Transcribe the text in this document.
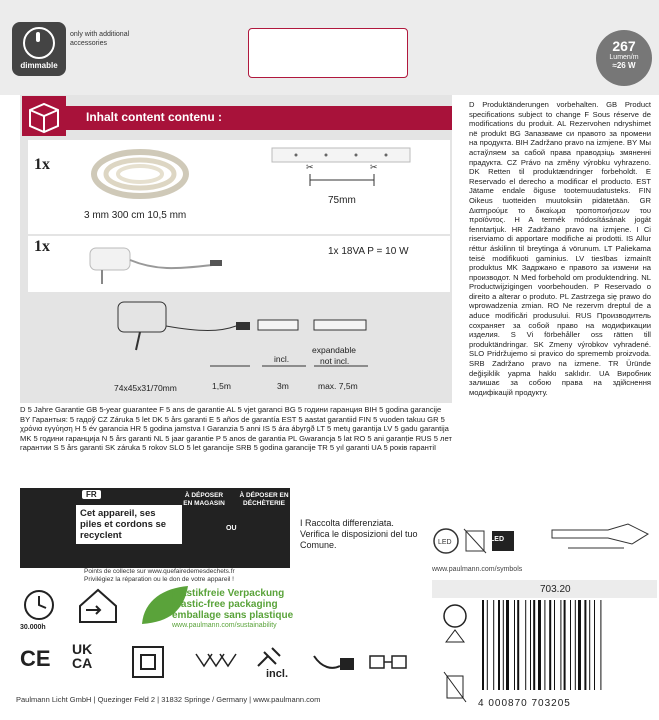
dimmable
only with additional accessories	267
Lumen/m
≈26 W
Inhalt content contenu :
1x
3 mm 300 cm 10,5 mm
✂	✂
75mm
1x	1x 18VA P = 10 W
74x45x31/70mm	1,5m
incl.
3m
expandable
not incl.
max. 7,5m
D Produktänderungen vorbehalten. GB Product specifications subject to change F Sous réserve de modifications du produit. AL Rezervohen ndryshimet në produkt BG Запазваме си правото за промени на продукта. BIH Zadržano pravo na izmjene. BY Мы астаўляем за сабой права праводзіць змяненні прадукта. CZ Právo na změny výrobku vyhrazeno. DK Retten til produktændringer forbeholdt. E Reservado el derecho a modificar el producto. EST Jätame endale õiguse tootemuudatusteks. FIN Oikeus tuotteiden muutoksiin pidätetään. GR Διατηρούμε το δικαίωμα τροποποιήσεων του προϊόντος. H A termék módosításának jogát fenntartjuk. HR Zadržano pravo na izmjene. I Ci riserviamo di apportare modifiche ai prodotti. IS Allur réttur áskilinn til breytinga á vörunum. LT Paliekama teisė modifikuoti gaminius. LV tiesības izmainīt produktus MK Задржано е правото за измени на производот. N Med forbehold om produktendring. NL Productwijzigingen voorbehouden. P Reservado o direito a alterar o produto. PL Zastrzega się prawo do wprowadzenia zmian. RO Ne rezervm dreptul de a aduce modificări produsului. RUS Производитель сохраняет за собой право на модификации изделия. S Vi förbehåller oss rätten till produktändringar. SK Zmeny výrobkov vyhradené. SLO Pridržujemo si pravico do sprememb proizvoda. SRB Zadržano pravo na izmene. TR Üründe değişiklik yapma hakkı saklıdır. UA Виробник залишає за собою права на здійснення модифікацій продукту.
D 5 Jahre Garantie GB 5-year guarantee F 5 ans de garantie AL 5 vjet garanci BG 5 години гаранция BIH 5 godina garancije BY Гарантыя: 5 гадоў CZ Záruka 5 let DK 5 års garanti E 5 años de garantía EST 5 aastat garantiid FIN 5 vuoden takuu GR 5 χρόνια εγγύηση H 5 év garancia HR 5 godina jamstva I Garanzia 5 anni IS 5 ára ábyrgð LT 5 metų garantija LV 5 gadu garantija MK 5 години гаранција N 5 års garanti NL 5 jaar garantie P 5 anos de garantia PL Gwarancja 5 lat RO 5 ani garanție RUS 5 лет гарантии S 5 års garanti SK záruka 5 rokov SLO 5 let garancije SRB 5 godina garancije TR 5 yıl garanti UA 5 років гарантії
FR
Cet appareil, ses piles et cordons se recyclent
À DÉPOSER EN MAGASIN
OU
À DÉPOSER EN DÉCHÈTERIE
Points de collecte sur www.quefairedemesdechets.fr
Privilégiez la réparation ou le don de votre appareil !
I Raccolta differenziata. Verifica le disposizioni del tuo Comune.	LED	LED
www.paulmann.com/symbols
30.000h
plastikfreie Verpackung
plastic-free packaging
emballage sans plastique
www.paulmann.com/sustainability
CE UK CA
incl.
703.20
4 000870 703205
Paulmann Licht GmbH | Quezinger Feld 2 | 31832 Springe / Germany | www.paulmann.com
